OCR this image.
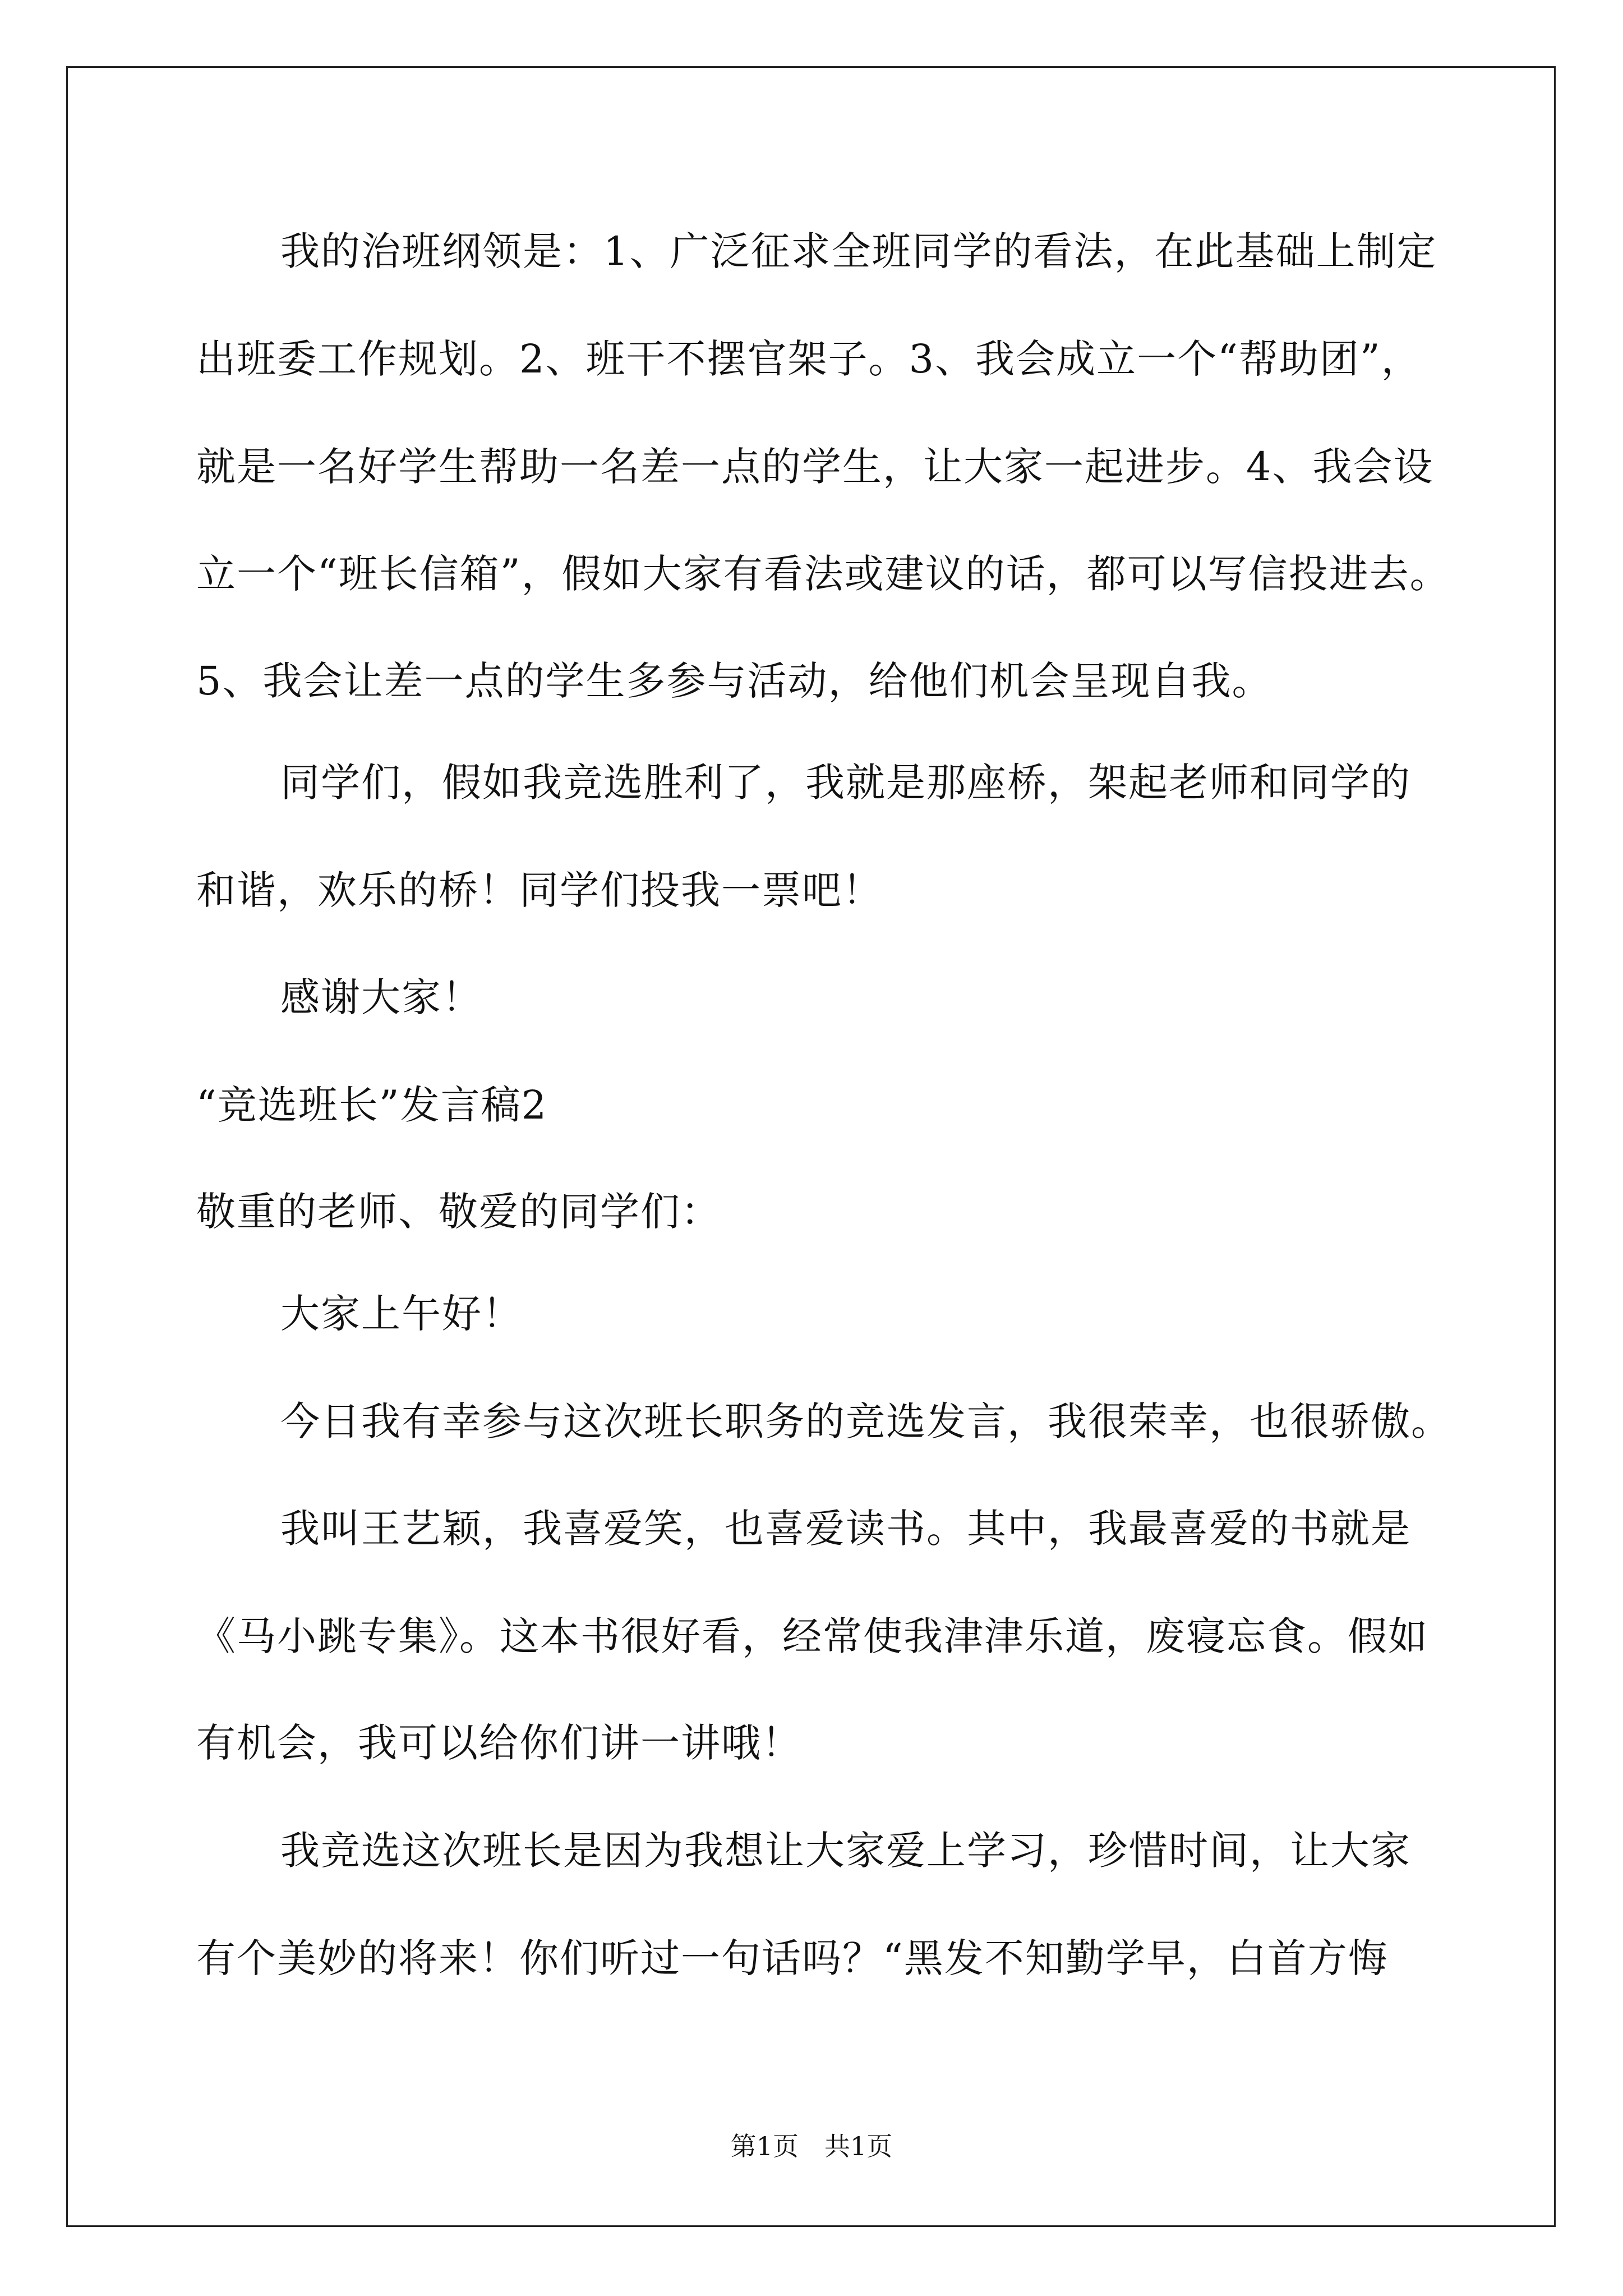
我的治班纲领是：1、广泛征求全班同学的看法，在此基础上制定
出班委工作规划。2、班干不摆官架子。3、我会成立一个“帮助团”，
就是一名好学生帮助一名差一点的学生，让大家一起进步。4、我会设
立一个“班长信箱”，假如大家有看法或建议的话，都可以写信投进去。
5、我会让差一点的学生多参与活动，给他们机会呈现自我。
同学们，假如我竞选胜利了，我就是那座桥，架起老师和同学的
和谐，欢乐的桥！同学们投我一票吧！
感谢大家！
“竞选班长”发言稿2
敬重的老师、敬爱的同学们：
大家上午好！
今日我有幸参与这次班长职务的竞选发言，我很荣幸，也很骄傲。
我叫王艺颖，我喜爱笑，也喜爱读书。其中，我最喜爱的书就是
《马小跳专集》。这本书很好看，经常使我津津乐道，废寝忘食。假如
有机会，我可以给你们讲一讲哦！
我竞选这次班长是因为我想让大家爱上学习，珍惜时间，让大家
有个美妙的将来！你们听过一句话吗？“黑发不知勤学早，白首方悔
第1页　共1页
